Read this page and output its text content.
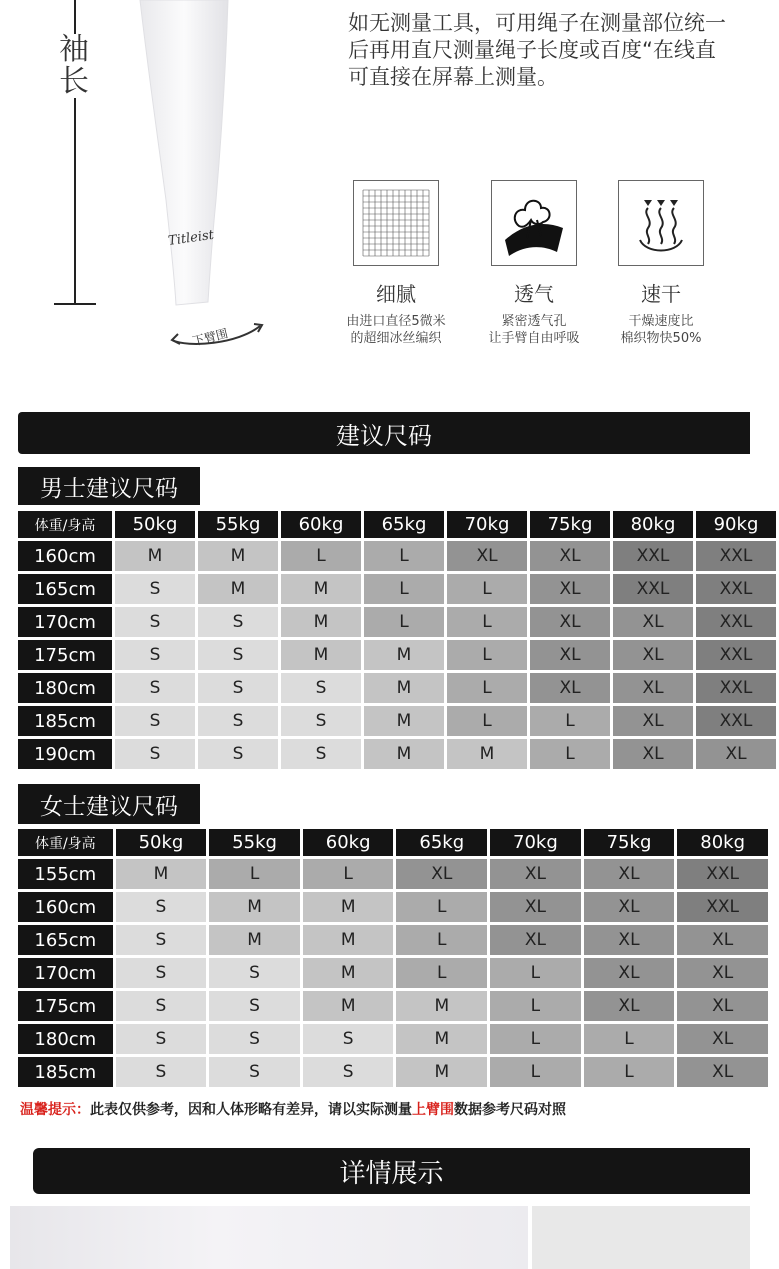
袖长
Titleist
下臂围
如无测量工具，可用绳子在测量部位统一
后再用直尺测量绳子长度或百度“在线直
可直接在屏幕上测量。
细腻
由进口直径5微米
的超细冰丝编织
透气
紧密透气孔
让手臂自由呼吸
速干
干燥速度比
棉织物快50%
建议尺码
男士建议尺码
体重/身高	50kg	55kg	60kg	65kg	70kg	75kg	80kg	90kg
160cm	M	M	L	L	XL	XL	XXL	XXL
165cm	S	M	M	L	L	XL	XXL	XXL
170cm	S	S	M	L	L	XL	XL	XXL
175cm	S	S	M	M	L	XL	XL	XXL
180cm	S	S	S	M	L	XL	XL	XXL
185cm	S	S	S	M	L	L	XL	XXL
190cm	S	S	S	M	M	L	XL	XL
女士建议尺码
体重/身高	50kg	55kg	60kg	65kg	70kg	75kg	80kg
155cm	M	L	L	XL	XL	XL	XXL
160cm	S	M	M	L	XL	XL	XXL
165cm	S	M	M	L	XL	XL	XL
170cm	S	S	M	L	L	XL	XL
175cm	S	S	M	M	L	XL	XL
180cm	S	S	S	M	L	L	XL
185cm	S	S	S	M	L	L	XL
温馨提示：此表仅供参考，因和人体形略有差异，请以实际测量上臂围数据参考尺码对照
详情展示
